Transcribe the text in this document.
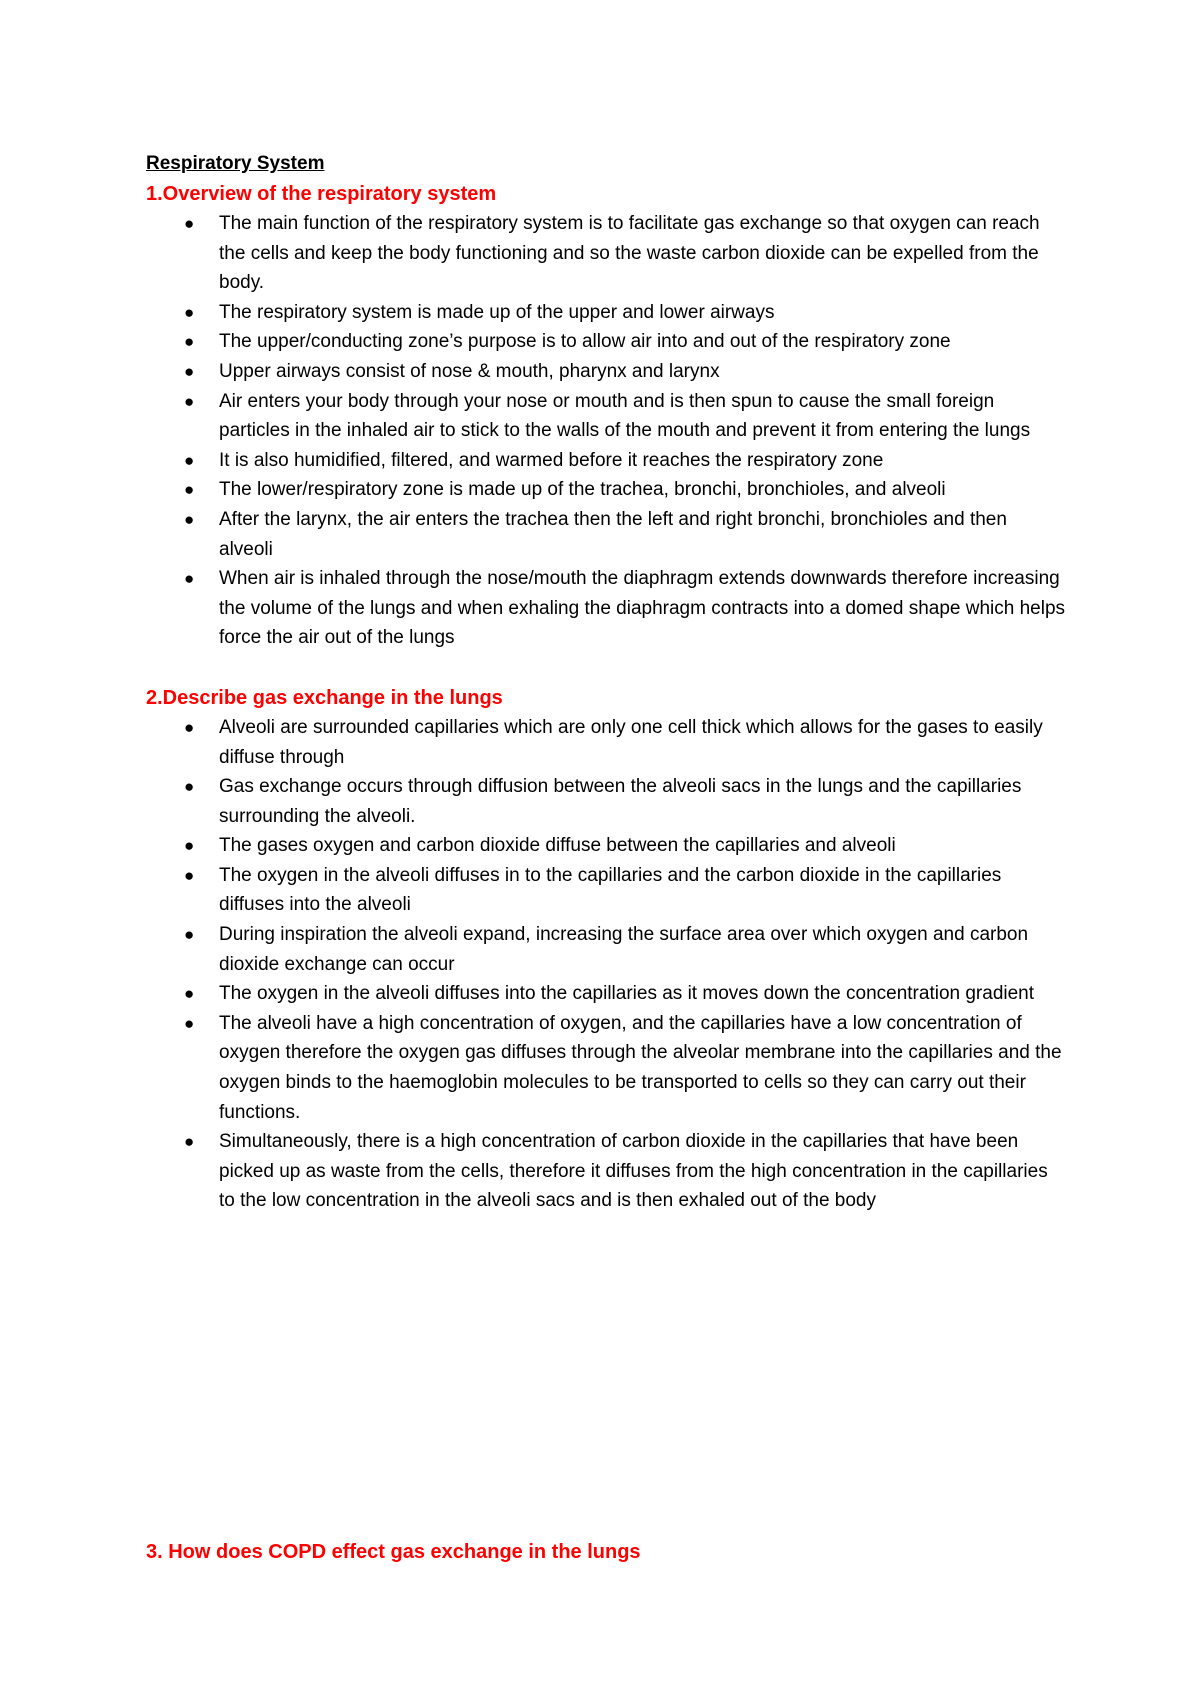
Respiratory System
1.Overview of the respiratory system
● The main function of the respiratory system is to facilitate gas exchange so that oxygen can reach the cells and keep the body functioning and so the waste carbon dioxide can be expelled from the body.
● The respiratory system is made up of the upper and lower airways
● The upper/conducting zone’s purpose is to allow air into and out of the respiratory zone
● Upper airways consist of nose & mouth, pharynx and larynx
● Air enters your body through your nose or mouth and is then spun to cause the small foreign particles in the inhaled air to stick to the walls of the mouth and prevent it from entering the lungs
● It is also humidified, filtered, and warmed before it reaches the respiratory zone
● The lower/respiratory zone is made up of the trachea, bronchi, bronchioles, and alveoli
● After the larynx, the air enters the trachea then the left and right bronchi, bronchioles and then alveoli
● When air is inhaled through the nose/mouth the diaphragm extends downwards therefore increasing the volume of the lungs and when exhaling the diaphragm contracts into a domed shape which helps force the air out of the lungs
2.Describe gas exchange in the lungs
● Alveoli are surrounded capillaries which are only one cell thick which allows for the gases to easily diffuse through
● Gas exchange occurs through diffusion between the alveoli sacs in the lungs and the capillaries surrounding the alveoli.
● The gases oxygen and carbon dioxide diffuse between the capillaries and alveoli
● The oxygen in the alveoli diffuses in to the capillaries and the carbon dioxide in the capillaries diffuses into the alveoli
● During inspiration the alveoli expand, increasing the surface area over which oxygen and carbon dioxide exchange can occur
● The oxygen in the alveoli diffuses into the capillaries as it moves down the concentration gradient
● The alveoli have a high concentration of oxygen, and the capillaries have a low concentration of oxygen therefore the oxygen gas diffuses through the alveolar membrane into the capillaries and the oxygen binds to the haemoglobin molecules to be transported to cells so they can carry out their functions.
● Simultaneously, there is a high concentration of carbon dioxide in the capillaries that have been picked up as waste from the cells, therefore it diffuses from the high concentration in the capillaries to the low concentration in the alveoli sacs and is then exhaled out of the body
3. How does COPD effect gas exchange in the lungs
